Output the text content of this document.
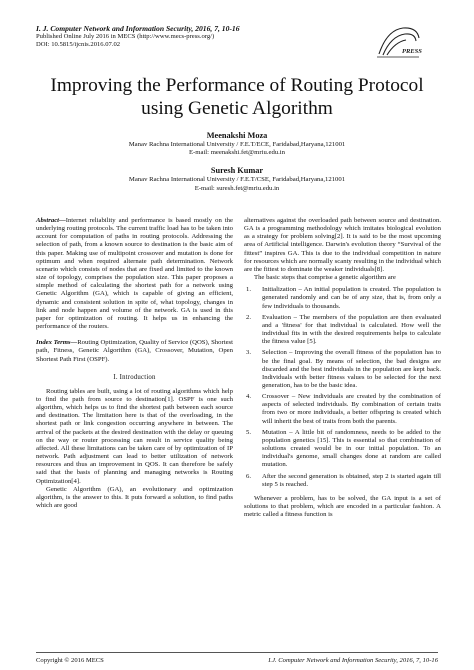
I. J. Computer Network and Information Security, 2016, 7, 10-16
Published Online July 2016 in MECS (http://www.mecs-press.org/)
DOI: 10.5815/ijcnis.2016.07.02
PRESS
Improving the Performance of Routing Protocol
using Genetic Algorithm
Meenakshi Moza
Manav Rachna International University / F.E.T/ECE, Faridabad,Haryana,121001
E-mail: meenakshi.fet@mriu.edu.in
Suresh Kumar
Manav Rachna International University / F.E.T/CSE, Faridabad,Haryana,121001
E-mail: suresh.fet@mriu.edu.in
Abstract—Internet reliability and performance is based mostly on the underlying routing protocols. The current traffic load has to be taken into account for computation of paths in routing protocols. Addressing the selection of path, from a known source to destination is the basic aim of this paper. Making use of multipoint crossover and mutation is done for optimum and when required alternate path determination. Network scenario which consists of nodes that are fixed and limited to the known size of topology, comprises the population size. This paper proposes a simple method of calculating the shortest path for a network using Genetic Algorithm (GA), which is capable of giving an efficient, dynamic and consistent solution in spite of, what topology, changes in link and node happen and volume of the network. GA is used in this paper for optimization of routing. It helps us in enhancing the performance of the routers.
Index Terms—Routing Optimization, Quality of Service (QOS), Shortest path, Fitness, Genetic Algorithm (GA), Crossover, Mutation, Open Shortest Path First (OSPF).
I. Introduction
Routing tables are built, using a lot of routing algorithms which help to find the path from source to destination[1]. OSPF is one such algorithm, which helps us to find the shortest path between each source and destination. The limitation here is that of the overloading, in the shortest path or link congestion occurring anywhere in between. The arrival of the packets at the desired destination with the delay or queuing on the way or router processing can result in service quality being affected. All these limitations can be taken care of by optimization of IP network. Path adjustment can lead to better utilization of network resources and thus an improvement in QOS. It can therefore be safely said that the basis of planning and managing networks is Routing Optimization[4].
Genetic Algorithm (GA), an evolutionary and optimization algorithm, is the answer to this. It puts forward a solution, to find paths which are good
alternatives against the overloaded path between source and destination. GA is a programming methodology which imitates biological evolution as a strategy for problem solving[2]. It is said to be the most upcoming area of Artificial intelligence. Darwin's evolution theory “Survival of the fittest” inspires GA. This is due to the individual competition in nature for resources which are normally scanty resulting in the individual which are the fittest to dominate the weaker individuals[8].
The basic steps that comprise a genetic algorithm are
1.	Initialization – An initial population is created. The population is generated randomly and can be of any size, that is, from only a few individuals to thousands.
2.	Evaluation – The members of the population are then evaluated and a 'fitness' for that individual is calculated. How well the individual fits in with the desired requirements helps to calculate the fitness value [5].
3.	Selection – Improving the overall fitness of the population has to be the final goal. By means of selection, the bad designs are discarded and the best individuals in the population are kept back. Individuals with better fitness values to be selected for the next generation, has to be the basic idea.
4.	Crossover – New individuals are created by the combination of aspects of selected individuals. By combination of certain traits from two or more individuals, a better offspring is created which will inherit the best of traits from both the parents.
5.	Mutation – A little bit of randomness, needs to be added to the population genetics [15]. This is essential so that combination of solutions created would be in our initial population. To an individual's genome, small changes done at random are called mutation.
6.	After the second generation is obtained, step 2 is started again till step 5 is reached.
Whenever a problem, has to be solved, the GA input is a set of solutions to that problem, which are encoded in a particular fashion. A metric called a fitness function is
Copyright © 2016 MECS	I.J. Computer Network and Information Security, 2016, 7, 10-16
